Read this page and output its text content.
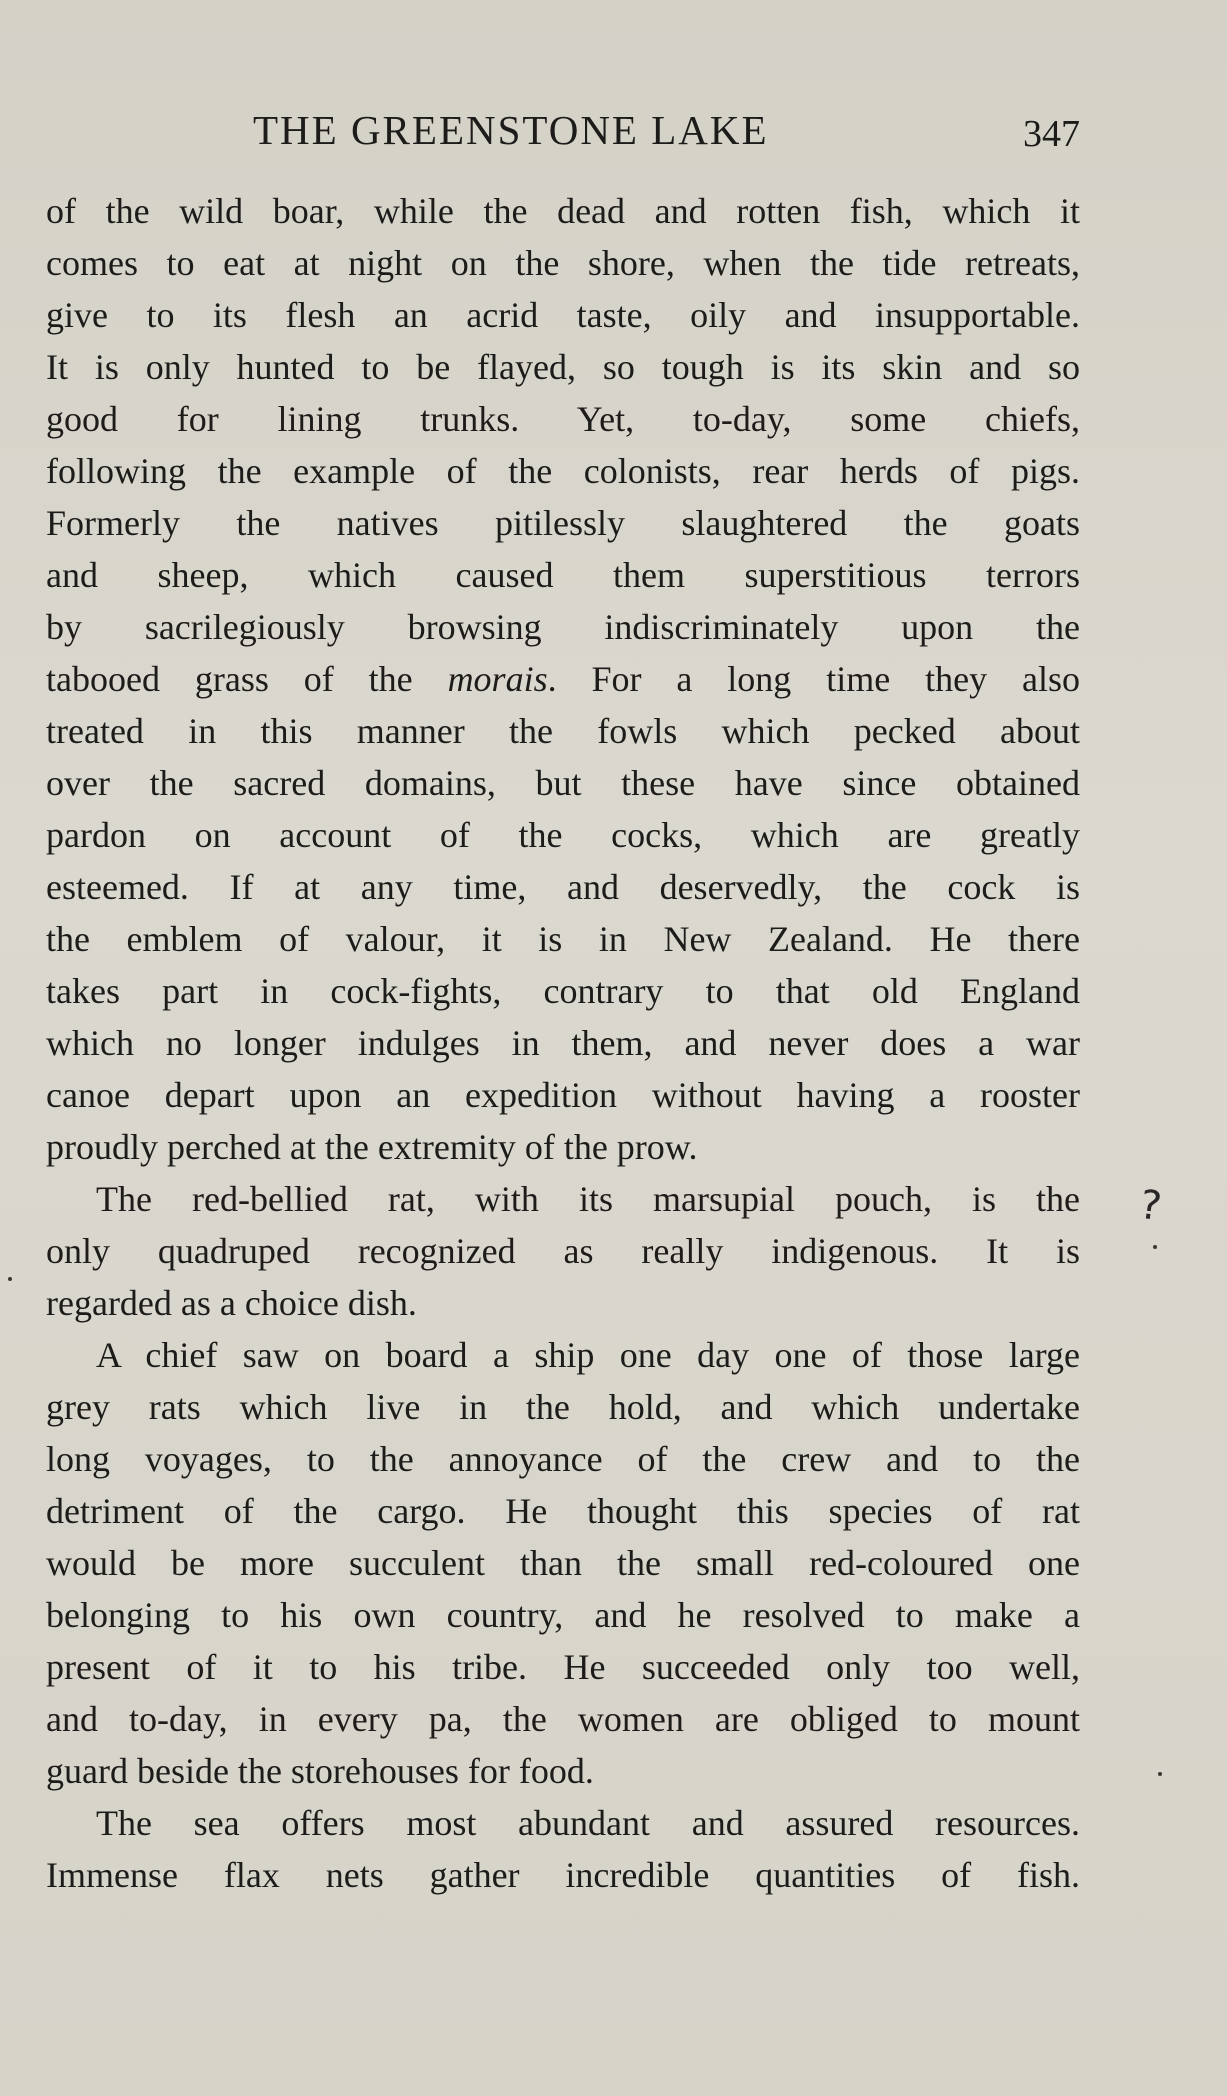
THE GREENSTONE LAKE	347
of the wild boar, while the dead and rotten fish, which it
comes to eat at night on the shore, when the tide retreats,
give to its flesh an acrid taste, oily and insupportable.
It is only hunted to be flayed, so tough is its skin and so
good for lining trunks. Yet, to-day, some chiefs,
following the example of the colonists, rear herds of pigs.
Formerly the natives pitilessly slaughtered the goats
and sheep, which caused them superstitious terrors
by sacrilegiously browsing indiscriminately upon the
tabooed grass of the morais. For a long time they also
treated in this manner the fowls which pecked about
over the sacred domains, but these have since obtained
pardon on account of the cocks, which are greatly
esteemed. If at any time, and deservedly, the cock is
the emblem of valour, it is in New Zealand. He there
takes part in cock-fights, contrary to that old England
which no longer indulges in them, and never does a war
canoe depart upon an expedition without having a rooster
proudly perched at the extremity of the prow.
The red-bellied rat, with its marsupial pouch, is the
only quadruped recognized as really indigenous. It is
regarded as a choice dish.
A chief saw on board a ship one day one of those large
grey rats which live in the hold, and which undertake
long voyages, to the annoyance of the crew and to the
detriment of the cargo. He thought this species of rat
would be more succulent than the small red-coloured one
belonging to his own country, and he resolved to make a
present of it to his tribe. He succeeded only too well,
and to-day, in every pa, the women are obliged to mount
guard beside the storehouses for food.
The sea offers most abundant and assured resources.
Immense flax nets gather incredible quantities of fish.
?
